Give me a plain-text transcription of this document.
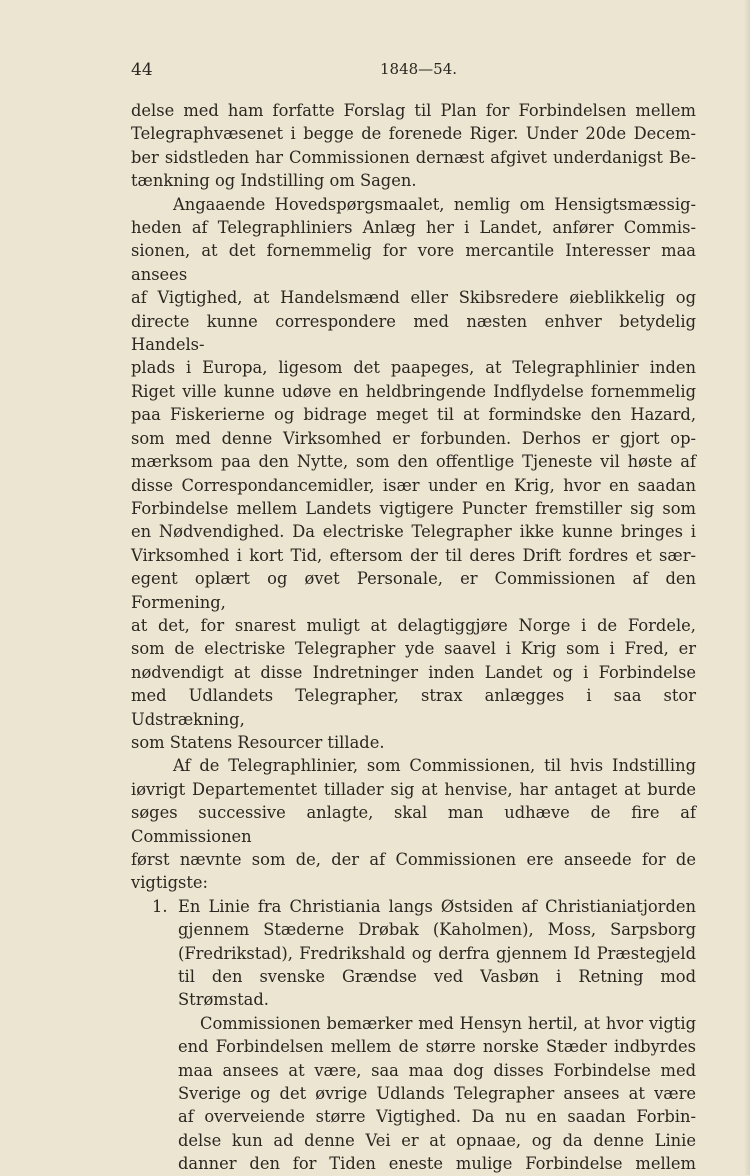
44	1848—54.
delse med ham forfatte Forslag til Plan for Forbindelsen mellem
Telegraphvæsenet i begge de forenede Riger. Under 20de Decem-
ber sidstleden har Commissionen dernæst afgivet underdanigst Be-
tænkning og Indstilling om Sagen.
Angaaende Hovedspørgsmaalet, nemlig om Hensigtsmæssig-
heden af Telegraphliniers Anlæg her i Landet, anfører Commis-
sionen, at det fornemmelig for vore mercantile Interesser maa ansees
af Vigtighed, at Handelsmænd eller Skibsredere øieblikkelig og
directe kunne correspondere med næsten enhver betydelig Handels-
plads i Europa, ligesom det paapeges, at Telegraphlinier inden
Riget ville kunne udøve en heldbringende Indflydelse fornemmelig
paa Fiskerierne og bidrage meget til at formindske den Hazard,
som med denne Virksomhed er forbunden. Derhos er gjort op-
mærksom paa den Nytte, som den offentlige Tjeneste vil høste af
disse Correspondancemidler, især under en Krig, hvor en saadan
Forbindelse mellem Landets vigtigere Puncter fremstiller sig som
en Nødvendighed. Da electriske Telegrapher ikke kunne bringes i
Virksomhed i kort Tid, eftersom der til deres Drift fordres et sær-
egent oplært og øvet Personale, er Commissionen af den Formening,
at det, for snarest muligt at delagtiggjøre Norge i de Fordele,
som de electriske Telegrapher yde saavel i Krig som i Fred, er
nødvendigt at disse Indretninger inden Landet og i Forbindelse
med Udlandets Telegrapher, strax anlægges i saa stor Udstrækning,
som Statens Resourcer tillade.
Af de Telegraphlinier, som Commissionen, til hvis Indstilling
iøvrigt Departementet tillader sig at henvise, har antaget at burde
søges successive anlagte, skal man udhæve de fire af Commissionen
først nævnte som de, der af Commissionen ere anseede for de
vigtigste:
1. En Linie fra Christiania langs Østsiden af Christianiatjorden
gjennem Stæderne Drøbak (Kaholmen), Moss, Sarpsborg
(Fredrikstad), Fredrikshald og derfra gjennem Id Præstegjeld
til den svenske Grændse ved Vasbøn i Retning mod Strømstad.
Commissionen bemærker med Hensyn hertil, at hvor vigtig
end Forbindelsen mellem de større norske Stæder indbyrdes
maa ansees at være, saa maa dog disses Forbindelse med
Sverige og det øvrige Udlands Telegrapher ansees at være
af overveiende større Vigtighed. Da nu en saadan Forbin-
delse kun ad denne Vei er at opnaae, og da denne Linie
danner den for Tiden eneste mulige Forbindelse mellem
